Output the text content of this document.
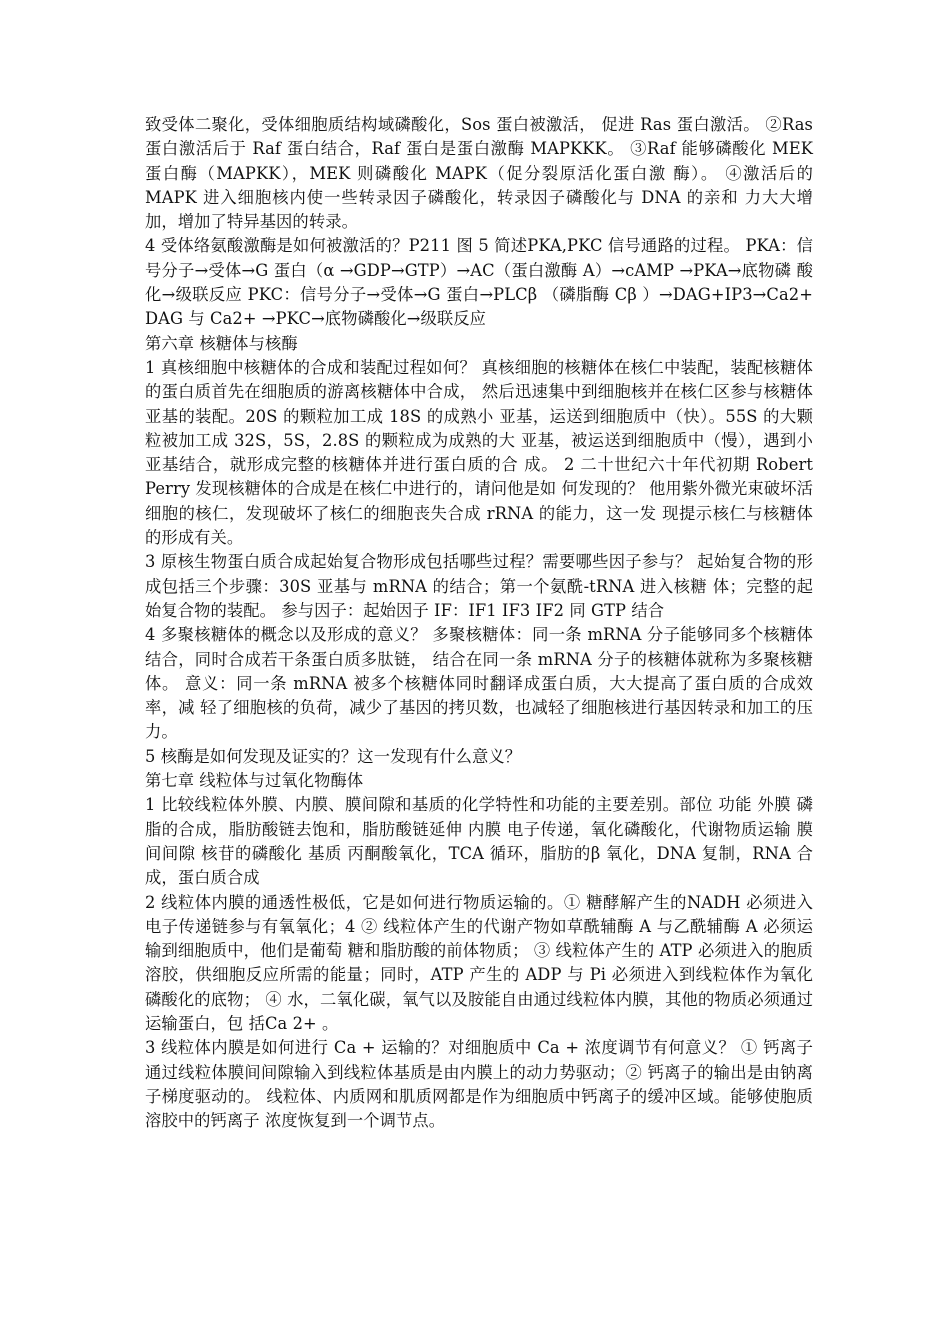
致受体二聚化，受体细胞质结构域磷酸化，Sos 蛋白被激活， 促进 Ras 蛋白激活。 ②Ras 蛋白激活后于 Raf 蛋白结合，Raf 蛋白是蛋白激酶 MAPKKK。 ③Raf 能够磷酸化 MEK 蛋白酶（MAPKK），MEK 则磷酸化 MAPK（促分裂原活化蛋白激 酶）。 ④激活后的 MAPK 进入细胞核内使一些转录因子磷酸化，转录因子磷酸化与 DNA 的亲和 力大大增加，增加了特异基因的转录。

4 受体络氨酸激酶是如何被激活的？P211 图 5 简述PKA,PKC 信号通路的过程。 PKA：信号分子→受体→G 蛋白（α →GDP→GTP）→AC（蛋白激酶 A）→cAMP →PKA→底物磷 酸化→级联反应 PKC：信号分子→受体→G 蛋白→PLCβ （磷脂酶 Cβ ）→DAG+IP3→Ca2+ DAG 与 Ca2+ →PKC→底物磷酸化→级联反应

第六章 核糖体与核酶

1 真核细胞中核糖体的合成和装配过程如何？ 真核细胞的核糖体在核仁中装配，装配核糖体的蛋白质首先在细胞质的游离核糖体中合成， 然后迅速集中到细胞核并在核仁区参与核糖体亚基的装配。20S 的颗粒加工成 18S 的成熟小 亚基，运送到细胞质中（快）。55S 的大颗粒被加工成 32S，5S，2.8S 的颗粒成为成熟的大 亚基，被运送到细胞质中（慢），遇到小亚基结合，就形成完整的核糖体并进行蛋白质的合 成。 2 二十世纪六十年代初期 Robert Perry 发现核糖体的合成是在核仁中进行的，请问他是如 何发现的？ 他用紫外微光束破坏活细胞的核仁，发现破坏了核仁的细胞丧失合成 rRNA 的能力，这一发 现提示核仁与核糖体的形成有关。

3 原核生物蛋白质合成起始复合物形成包括哪些过程？需要哪些因子参与？ 起始复合物的形成包括三个步骤：30S 亚基与 mRNA 的结合；第一个氨酰-tRNA 进入核糖 体；完整的起始复合物的装配。 参与因子：起始因子 IF：IF1 IF3 IF2 同 GTP 结合

4 多聚核糖体的概念以及形成的意义？ 多聚核糖体：同一条 mRNA 分子能够同多个核糖体结合，同时合成若干条蛋白质多肽链， 结合在同一条 mRNA 分子的核糖体就称为多聚核糖体。 意义：同一条 mRNA 被多个核糖体同时翻译成蛋白质，大大提高了蛋白质的合成效率，减 轻了细胞核的负荷，减少了基因的拷贝数，也减轻了细胞核进行基因转录和加工的压力。

5 核酶是如何发现及证实的？这一发现有什么意义？

第七章 线粒体与过氧化物酶体

1 比较线粒体外膜、内膜、膜间隙和基质的化学特性和功能的主要差别。部位 功能 外膜 磷脂的合成，脂肪酸链去饱和，脂肪酸链延伸 内膜 电子传递，氧化磷酸化，代谢物质运输 膜间间隙 核苷的磷酸化 基质 丙酮酸氧化，TCA 循环，脂肪的β 氧化，DNA 复制，RNA 合成，蛋白质合成

2 线粒体内膜的通透性极低，它是如何进行物质运输的。① 糖酵解产生的NADH 必须进入电子传递链参与有氧氧化；4 ② 线粒体产生的代谢产物如草酰辅酶 A 与乙酰辅酶 A 必须运输到细胞质中，他们是葡萄 糖和脂肪酸的前体物质； ③ 线粒体产生的 ATP 必须进入的胞质溶胶，供细胞反应所需的能量；同时，ATP 产生的 ADP 与 Pi 必须进入到线粒体作为氧化磷酸化的底物； ④ 水，二氧化碳，氧气以及胺能自由通过线粒体内膜，其他的物质必须通过运输蛋白，包 括Ca 2+ 。

3 线粒体内膜是如何进行 Ca + 运输的？对细胞质中 Ca + 浓度调节有何意义？ ① 钙离子通过线粒体膜间间隙输入到线粒体基质是由内膜上的动力势驱动；② 钙离子的输出是由钠离子梯度驱动的。 线粒体、内质网和肌质网都是作为细胞质中钙离子的缓冲区域。能够使胞质溶胶中的钙离子 浓度恢复到一个调节点。
